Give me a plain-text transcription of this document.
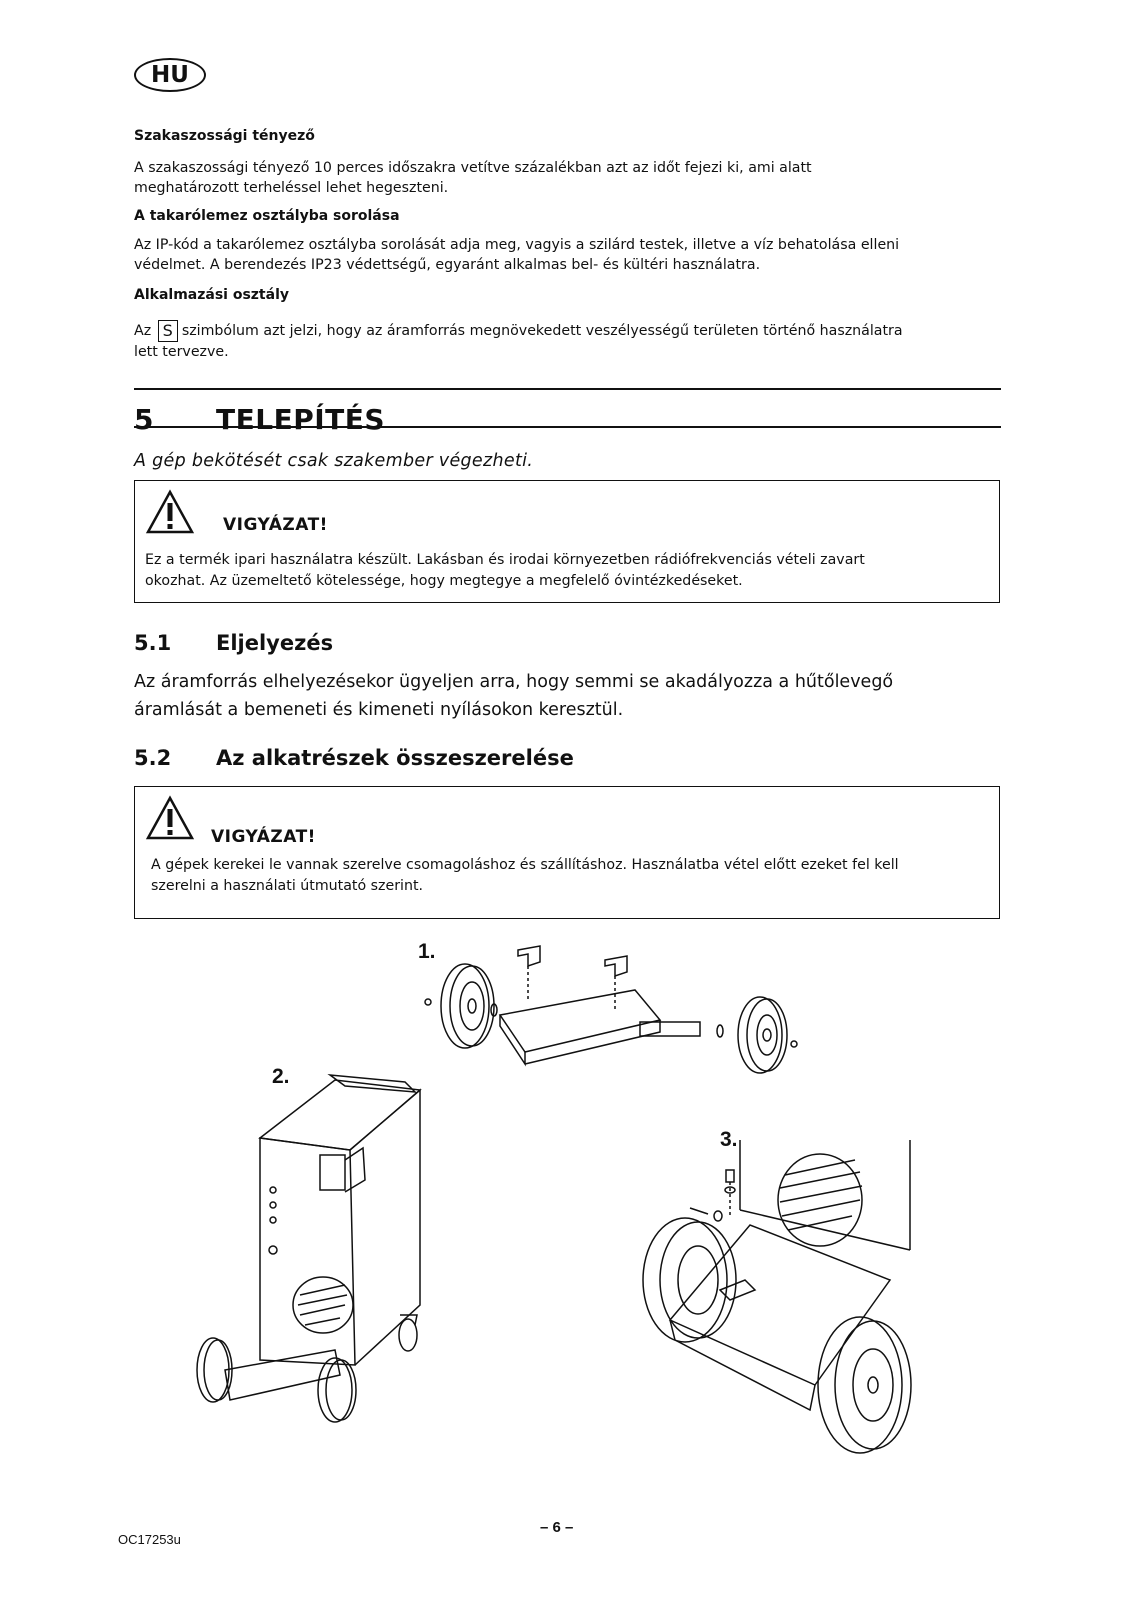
HU
Szakaszossági tényező
A szakaszossági tényező 10 perces időszakra vetítve százalékban azt az időt fejezi ki, ami alatt
meghatározott terheléssel lehet hegeszteni.
A takarólemez osztályba sorolása
Az IP-kód a takarólemez osztályba sorolását adja meg, vagyis a szilárd testek, illetve a víz behatolása elleni
védelmet. A berendezés IP23 védettségű, egyaránt alkalmas bel- és kültéri használatra.
Alkalmazási osztály
Az S szimbólum azt jelzi, hogy az áramforrás megnövekedett veszélyességű területen történő használatra
lett tervezve.
5 TELEPÍTÉS
A gép bekötését csak szakember végezheti.
VIGYÁZAT!
Ez a termék ipari használatra készült. Lakásban és irodai környezetben rádiófrekvenciás vételi zavart
okozhat. Az üzemeltető kötelessége, hogy megtegye a megfelelő óvintézkedéseket.
5.1 Eljelyezés
Az áramforrás elhelyezésekor ügyeljen arra, hogy semmi se akadályozza a hűtőlevegő
áramlását a bemeneti és kimeneti nyílásokon keresztül.
5.2 Az alkatrészek összeszerelése
VIGYÁZAT!
A gépek kerekei le vannak szerelve csomagoláshoz és szállításhoz. Használatba vétel előtt ezeket fel kell
szerelni a használati útmutató szerint.
1.
2.
3.
– 6 –
OC17253u
